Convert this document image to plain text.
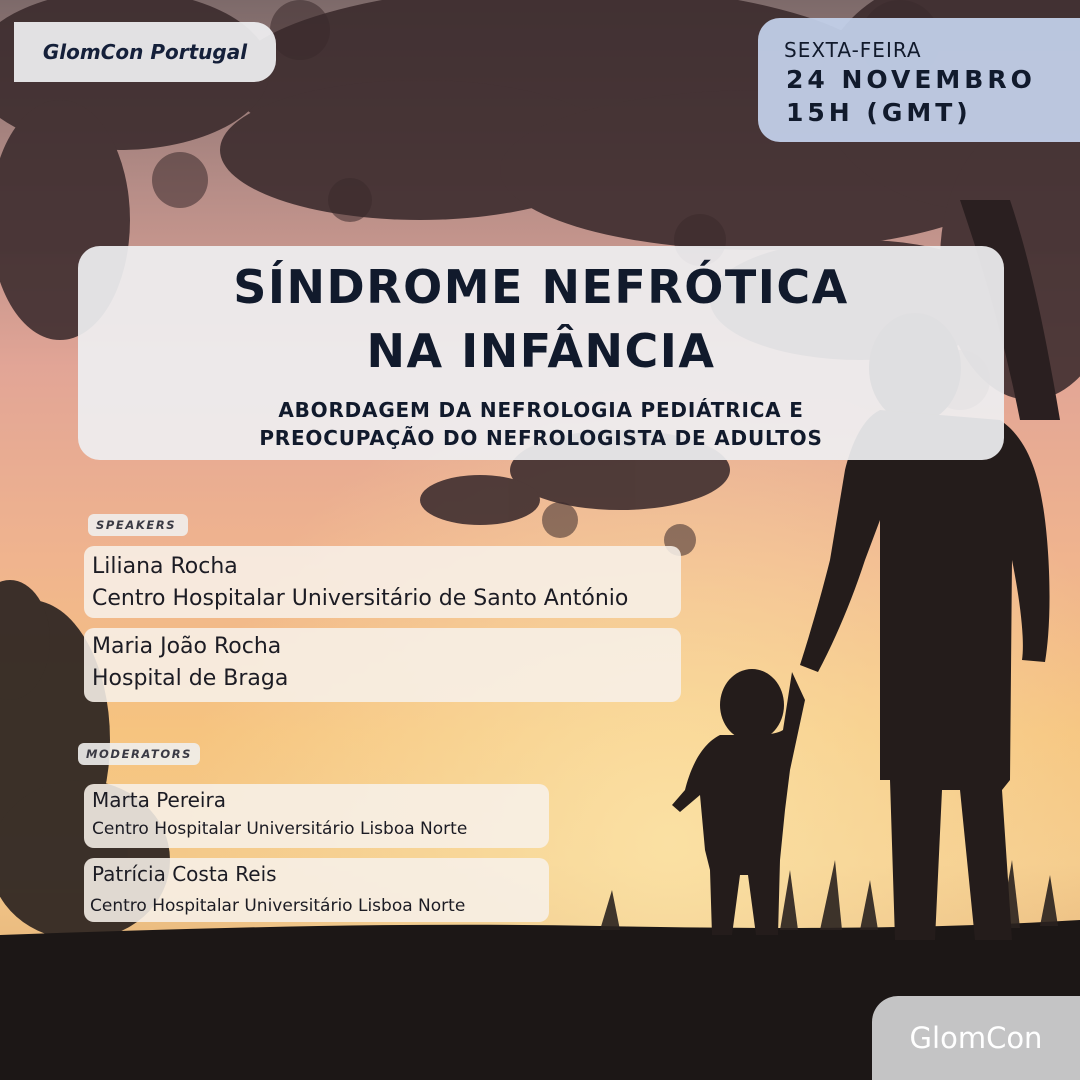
GlomCon Portugal	SEXTA-FEIRA
24 NOVEMBRO
15H (GMT)
SÍNDROME NEFRÓTICA
NA INFÂNCIA
ABORDAGEM DA NEFROLOGIA PEDIÁTRICA E
PREOCUPAÇÃO DO NEFROLOGISTA DE ADULTOS
SPEAKERS
Liliana Rocha
Centro Hospitalar Universitário de Santo António
Maria João Rocha
Hospital de Braga
MODERATORS
Marta Pereira
Centro Hospitalar Universitário Lisboa Norte
Patrícia Costa Reis
Centro Hospitalar Universitário Lisboa Norte
GlomCon
